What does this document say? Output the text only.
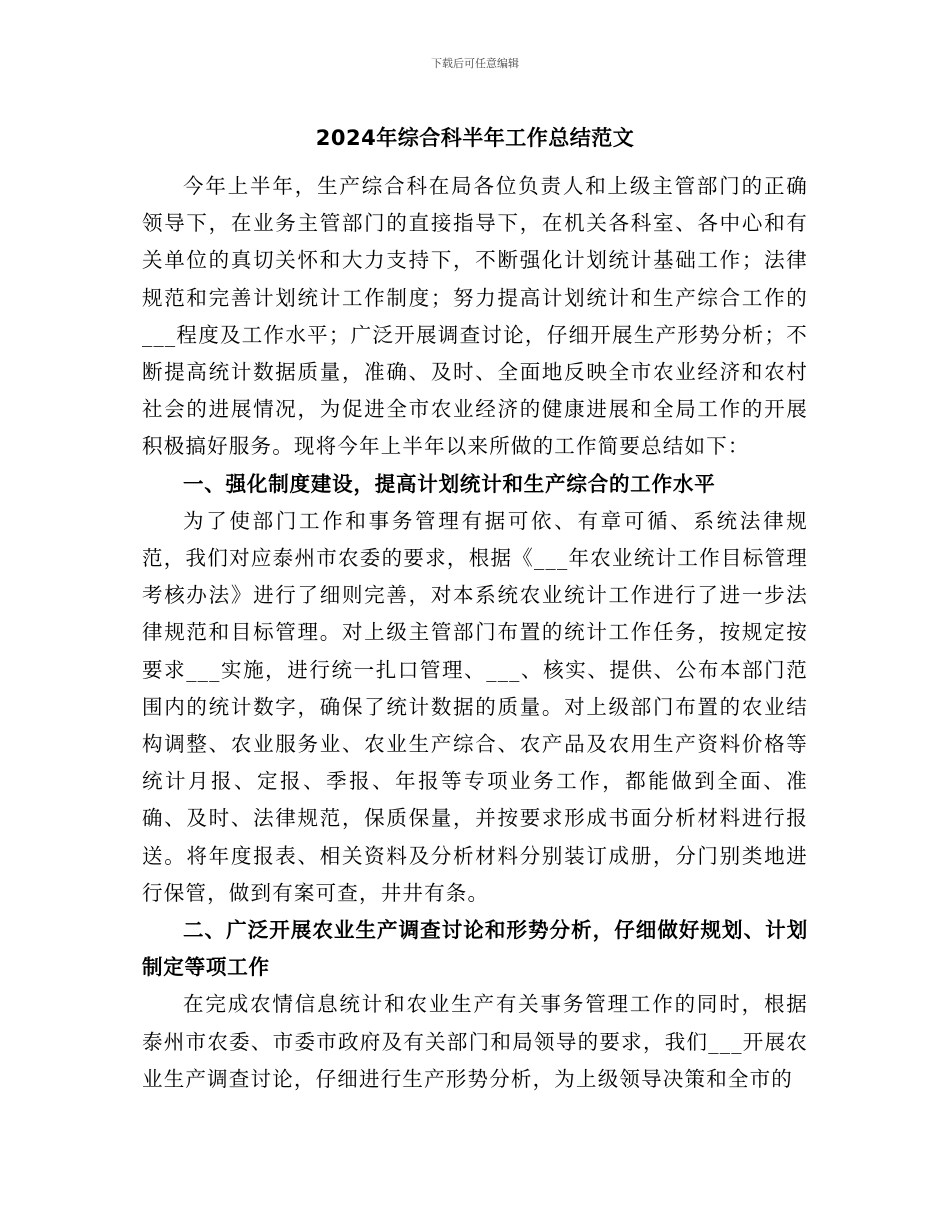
下载后可任意编辑
2024年综合科半年工作总结范文

今年上半年，生产综合科在局各位负责人和上级主管部门的正确领导下，在业务主管部门的直接指导下，在机关各科室、各中心和有关单位的真切关怀和大力支持下，不断强化计划统计基础工作；法律规范和完善计划统计工作制度；努力提高计划统计和生产综合工作的___程度及工作水平；广泛开展调查讨论，仔细开展生产形势分析；不断提高统计数据质量，准确、及时、全面地反映全市农业经济和农村社会的进展情况，为促进全市农业经济的健康进展和全局工作的开展积极搞好服务。现将今年上半年以来所做的工作简要总结如下：

一、强化制度建设，提高计划统计和生产综合的工作水平

为了使部门工作和事务管理有据可依、有章可循、系统法律规范，我们对应泰州市农委的要求，根据《___年农业统计工作目标管理考核办法》进行了细则完善，对本系统农业统计工作进行了进一步法律规范和目标管理。对上级主管部门布置的统计工作任务，按规定按要求___实施，进行统一扎口管理、___、核实、提供、公布本部门范围内的统计数字，确保了统计数据的质量。对上级部门布置的农业结构调整、农业服务业、农业生产综合、农产品及农用生产资料价格等统计月报、定报、季报、年报等专项业务工作，都能做到全面、准确、及时、法律规范，保质保量，并按要求形成书面分析材料进行报送。将年度报表、相关资料及分析材料分别装订成册，分门别类地进行保管，做到有案可查，井井有条。

二、广泛开展农业生产调查讨论和形势分析，仔细做好规划、计划制定等项工作

在完成农情信息统计和农业生产有关事务管理工作的同时，根据泰州市农委、市委市政府及有关部门和局领导的要求，我们___开展农业生产调查讨论，仔细进行生产形势分析，为上级领导决策和全市的
